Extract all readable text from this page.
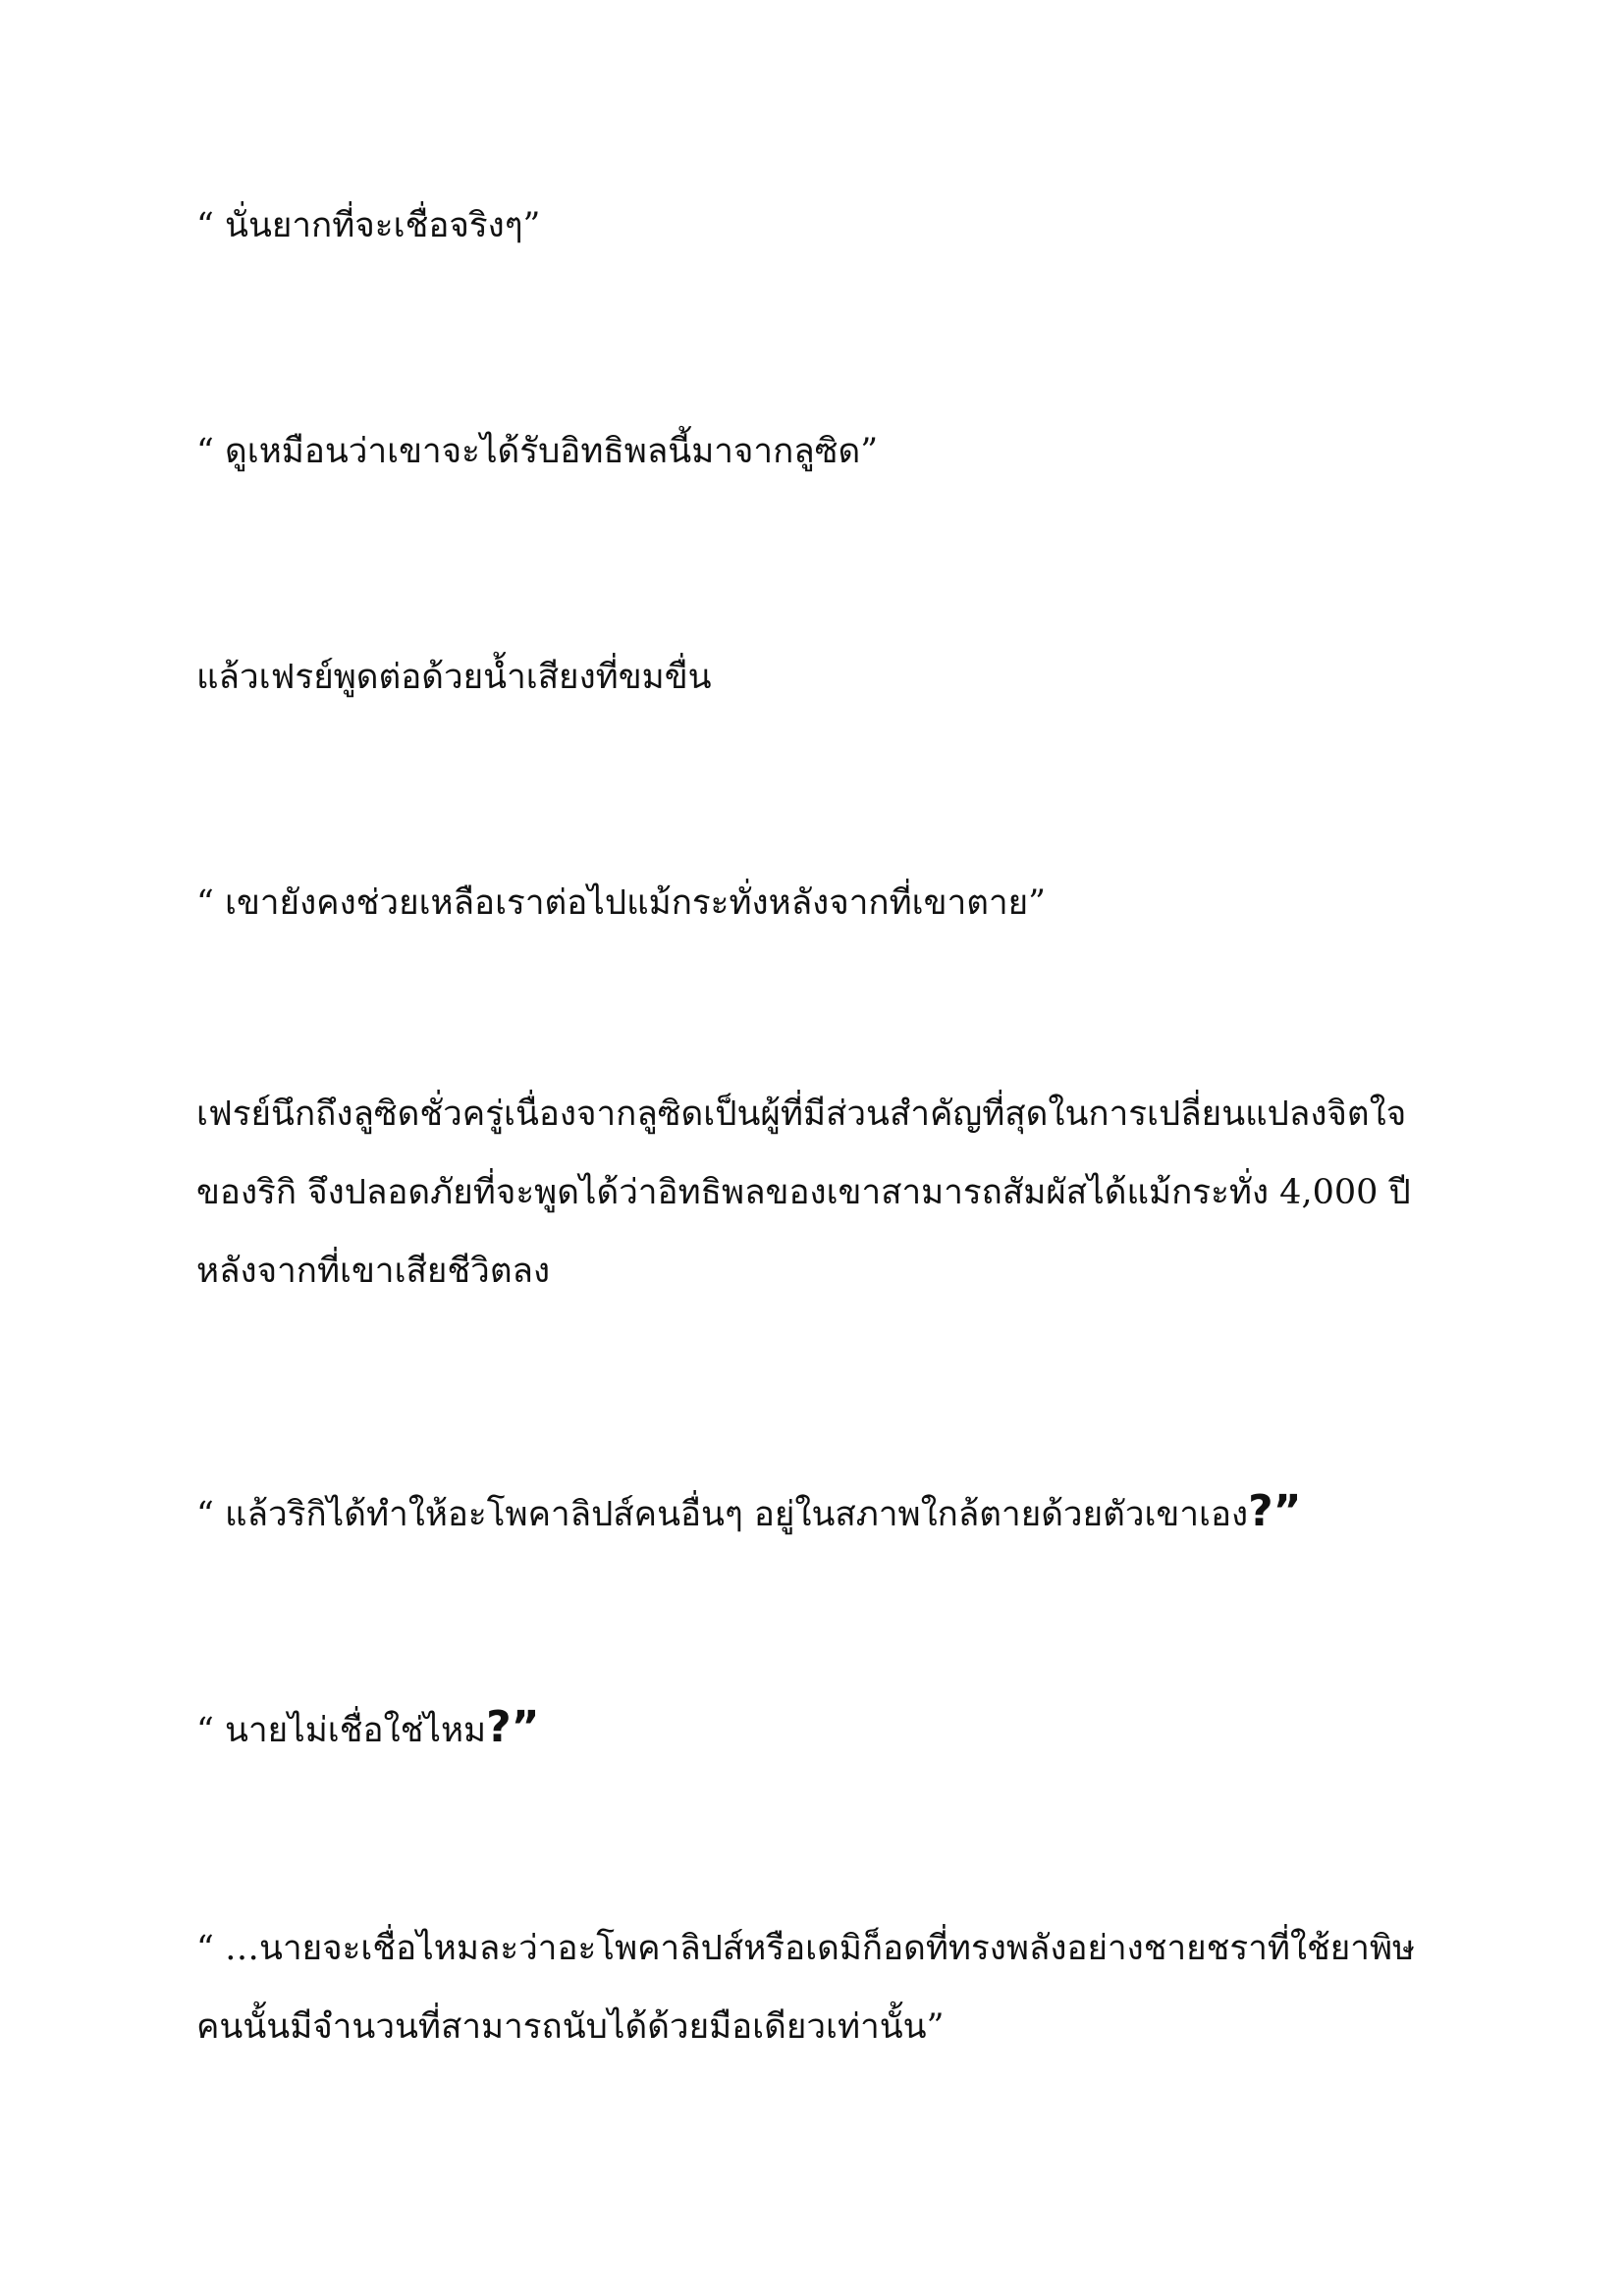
“ นั่นยากที่จะเชื่อจริงๆ”

“ ดูเหมือนว่าเขาจะได้รับอิทธิพลนี้มาจากลูซิด”

แล้วเฟรย์พูดต่อด้วยน้ำเสียงที่ขมขื่น

“ เขายังคงช่วยเหลือเราต่อไปแม้กระทั่งหลังจากที่เขาตาย”

เฟรย์นึกถึงลูซิดชั่วครู่เนื่องจากลูซิดเป็นผู้ที่มีส่วนสำคัญที่สุดในการเปลี่ยนแปลงจิตใจ
ของริกิ จึงปลอดภัยที่จะพูดได้ว่าอิทธิพลของเขาสามารถสัมผัสได้แม้กระทั่ง 4,000 ปี
หลังจากที่เขาเสียชีวิตลง

“ แล้วริกิได้ทำให้อะโพคาลิปส์คนอื่นๆ อยู่ในสภาพใกล้ตายด้วยตัวเขาเอง?”

“ นายไม่เชื่อใช่ไหม?”

“ …นายจะเชื่อไหมละว่าอะโพคาลิปส์หรือเดมิก็อดที่ทรงพลังอย่างชายชราที่ใช้ยาพิษ
คนนั้นมีจำนวนที่สามารถนับได้ด้วยมือเดียวเท่านั้น”
